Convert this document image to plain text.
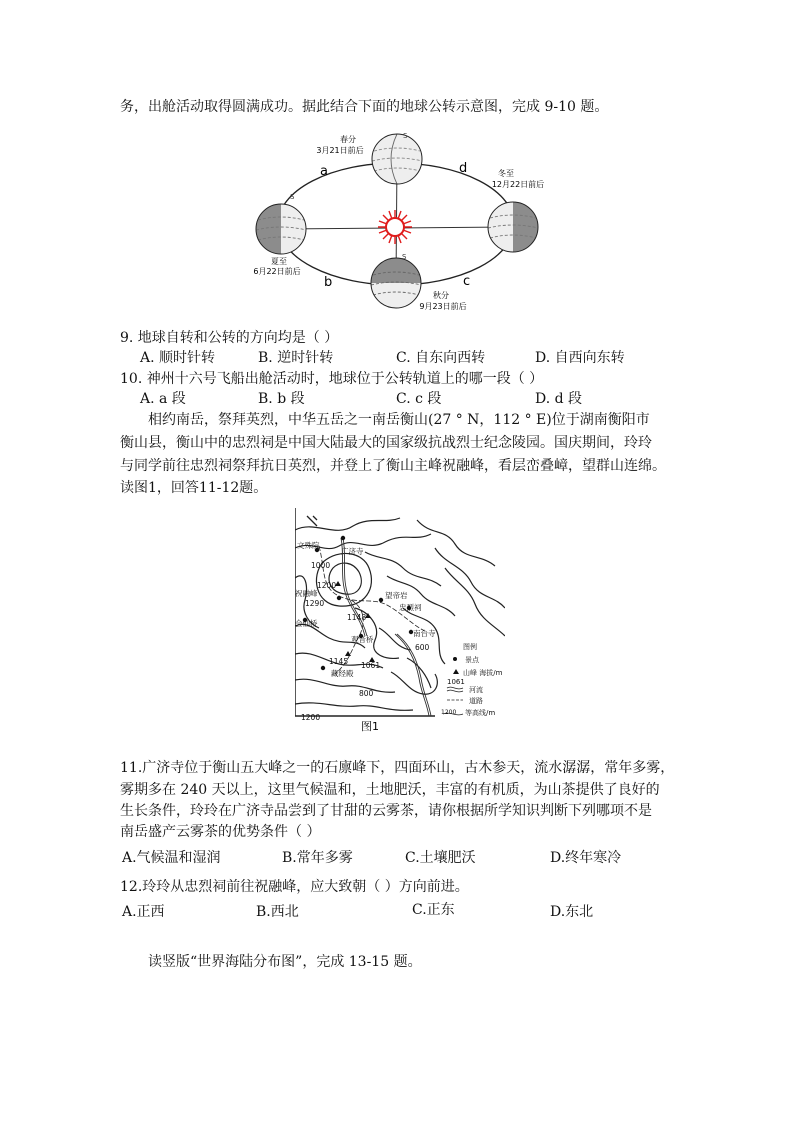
务，出舱活动取得圆满成功。据此结合下面的地球公转示意图，完成 9-10 题。
S
S
S
春分
3月21日前后
冬至
12月22日前后
夏至
6月22日前后
秋分
9月23日前后
a	d
b	c
9. 地球自转和公转的方向均是（ ）
A. 顺时针转	B. 逆时针转	C. 自东向西转	D. 自西向东转
10. 神州十六号飞船出舱活动时，地球位于公转轨道上的哪一段（ ）
A. a 段	B. b 段	C. c 段	D. d 段
相约南岳，祭拜英烈，中华五岳之一南岳衡山(27 ° N，112 ° E)位于湖南衡阳市
衡山县，衡山中的忠烈祠是中国大陆最大的国家级抗战烈士纪念陵园。国庆期间，玲玲
与同学前往忠烈祠祭拜抗日英烈，并登上了衡山主峰祝融峰，看层峦叠嶂，望群山连绵。
读图1，回答11-12题。
文殊院
广济寺
1000
1200
祝融峰
1290
会仙桥
1148
望帝岩
忠烈祠
观音桥
南台寺
600
1145 1061
藏经殿
800
1200
图例
景点
山峰 海拔/m
1061
河流
道路
1200 等高线/m
图1
11.广济寺位于衡山五大峰之一的石廪峰下，四面环山，古木参天，流水潺潺，常年多雾，
雾期多在 240 天以上，这里气候温和，土地肥沃，丰富的有机质，为山茶提供了良好的
生长条件，玲玲在广济寺品尝到了甘甜的云雾茶，请你根据所学知识判断下列哪项不是
南岳盛产云雾茶的优势条件（ ）
A.气候温和湿润	B.常年多雾	C.土壤肥沃	D.终年寒冷
12.玲玲从忠烈祠前往祝融峰，应大致朝（ ）方向前进。
A.正西	B.西北	C.正东	D.东北
读竖版“世界海陆分布图”，完成 13-15 题。
